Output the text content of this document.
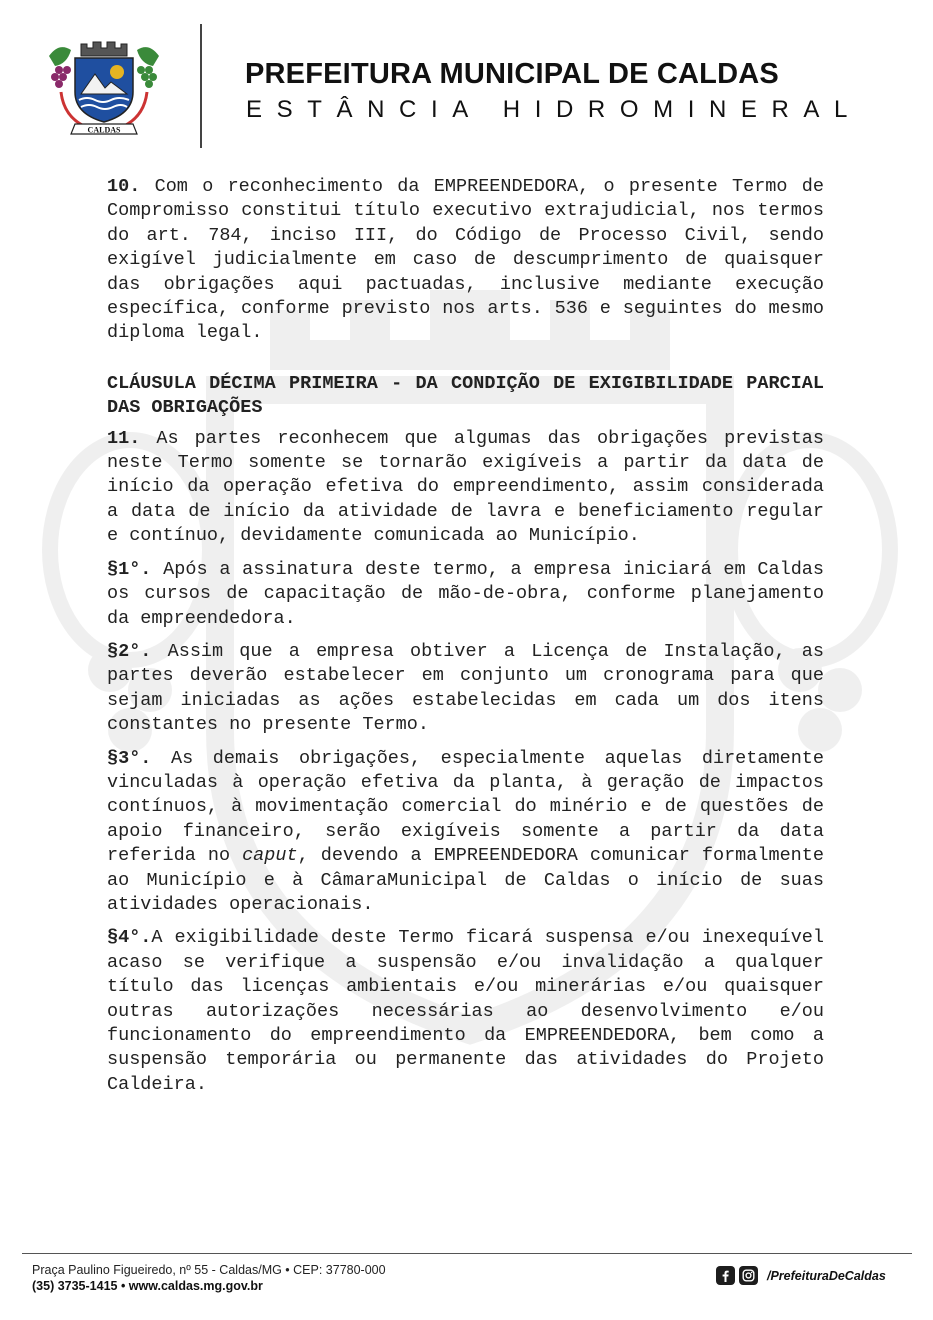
CALDAS
PREFEITURA MUNICIPAL DE CALDAS
ESTÂNCIA HIDROMINERAL

10. Com o reconhecimento da EMPREENDEDORA, o presente Termo de Compromisso constitui título executivo extrajudicial, nos termos do art. 784, inciso III, do Código de Processo Civil, sendo exigível judicialmente em caso de descumprimento de quaisquer das obrigações aqui pactuadas, inclusive mediante execução específica, conforme previsto nos arts. 536 e seguintes do mesmo diploma legal.

CLÁUSULA DÉCIMA PRIMEIRA - DA CONDIÇÃO DE EXIGIBILIDADE PARCIAL DAS OBRIGAÇÕES

11. As partes reconhecem que algumas das obrigações previstas neste Termo somente se tornarão exigíveis a partir da data de início da operação efetiva do empreendimento, assim considerada a data de início da atividade de lavra e beneficiamento regular e contínuo, devidamente comunicada ao Município.

§1°. Após a assinatura deste termo, a empresa iniciará em Caldas os cursos de capacitação de mão-de-obra, conforme planejamento da empreendedora.

§2°. Assim que a empresa obtiver a Licença de Instalação, as partes deverão estabelecer em conjunto um cronograma para que sejam iniciadas as ações estabelecidas em cada um dos itens constantes no presente Termo.

§3°. As demais obrigações, especialmente aquelas diretamente vinculadas à operação efetiva da planta, à geração de impactos contínuos, à movimentação comercial do minério e de questões de apoio financeiro, serão exigíveis somente a partir da data referida no caput, devendo a EMPREENDEDORA comunicar formalmente ao Município e à CâmaraMunicipal de Caldas o início de suas atividades operacionais.

§4°.A exigibilidade deste Termo ficará suspensa e/ou inexequível acaso se verifique a suspensão e/ou invalidação a qualquer título das licenças ambientais e/ou minerárias e/ou quaisquer outras autorizações necessárias ao desenvolvimento e/ou funcionamento do empreendimento da EMPREENDEDORA, bem como a suspensão temporária ou permanente das atividades do Projeto Caldeira.

Praça Paulino Figueiredo, nº 55 - Caldas/MG • CEP: 37780-000
(35) 3735-1415 • www.caldas.mg.gov.br
/PrefeituraDeCaldas
